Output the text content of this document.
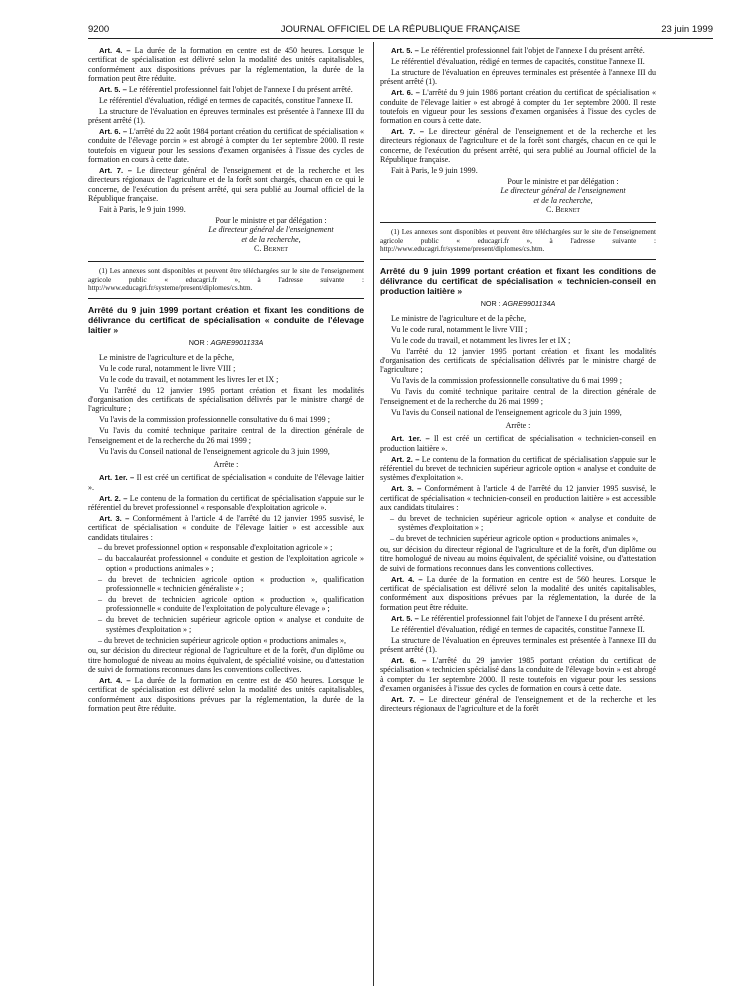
9200	JOURNAL OFFICIEL DE LA RÉPUBLIQUE FRANÇAISE	23 juin 1999

Art. 4. – La durée de la formation en centre est de 450 heures. Lorsque le certificat de spécialisation est délivré selon la modalité des unités capitalisables, conformément aux dispositions prévues par la réglementation, la durée de la formation peut être réduite.

Art. 5. – Le référentiel professionnel fait l'objet de l'annexe I du présent arrêté.

Le référentiel d'évaluation, rédigé en termes de capacités, constitue l'annexe II.

La structure de l'évaluation en épreuves terminales est présentée à l'annexe III du présent arrêté (1).

Art. 6. – L'arrêté du 22 août 1984 portant création du certificat de spécialisation « conduite de l'élevage porcin » est abrogé à compter du 1er septembre 2000. Il reste toutefois en vigueur pour les sessions d'examen organisées à l'issue des cycles de formation en cours à cette date.

Art. 7. – Le directeur général de l'enseignement et de la recherche et les directeurs régionaux de l'agriculture et de la forêt sont chargés, chacun en ce qui le concerne, de l'exécution du présent arrêté, qui sera publié au Journal officiel de la République française.

Fait à Paris, le 9 juin 1999.

Pour le ministre et par délégation :

Le directeur général de l'enseignement

et de la recherche,

C. Bernet

(1) Les annexes sont disponibles et peuvent être téléchargées sur le site de l'enseignement agricole public « educagri.fr », à l'adresse suivante : http://www.educagri.fr/systeme/present/diplomes/cs.htm.

Arrêté du 9 juin 1999 portant création et fixant les conditions de délivrance du certificat de spécialisation « conduite de l'élevage laitier »
NOR : AGRE9901133A

Le ministre de l'agriculture et de la pêche,

Vu le code rural, notamment le livre VIII ;

Vu le code du travail, et notamment les livres Ier et IX ;

Vu l'arrêté du 12 janvier 1995 portant création et fixant les modalités d'organisation des certificats de spécialisation délivrés par le ministre chargé de l'agriculture ;

Vu l'avis de la commission professionnelle consultative du 6 mai 1999 ;

Vu l'avis du comité technique paritaire central de la direction générale de l'enseignement et de la recherche du 26 mai 1999 ;

Vu l'avis du Conseil national de l'enseignement agricole du 3 juin 1999,

Arrête :

Art. 1er. – Il est créé un certificat de spécialisation « conduite de l'élevage laitier ».

Art. 2. – Le contenu de la formation du certificat de spécialisation s'appuie sur le référentiel du brevet professionnel « responsable d'exploitation agricole ».

Art. 3. – Conformément à l'article 4 de l'arrêté du 12 janvier 1995 susvisé, le certificat de spécialisation « conduite de l'élevage laitier » est accessible aux candidats titulaires :

– du brevet professionnel option « responsable d'exploitation agricole » ;

– du baccalauréat professionnel « conduite et gestion de l'exploitation agricole » option « productions animales » ;

– du brevet de technicien agricole option « production », qualification professionnelle « technicien généraliste » ;

– du brevet de technicien agricole option « production », qualification professionnelle « conduite de l'exploitation de polyculture élevage » ;

– du brevet de technicien supérieur agricole option « analyse et conduite de systèmes d'exploitation » ;

– du brevet de technicien supérieur agricole option « productions animales »,

ou, sur décision du directeur régional de l'agriculture et de la forêt, d'un diplôme ou titre homologué de niveau au moins équivalent, de spécialité voisine, ou d'attestation de suivi de formations reconnues dans les conventions collectives.

Art. 4. – La durée de la formation en centre est de 450 heures. Lorsque le certificat de spécialisation est délivré selon la modalité des unités capitalisables, conformément aux dispositions prévues par la réglementation, la durée de la formation peut être réduite.

Art. 5. – Le référentiel professionnel fait l'objet de l'annexe I du présent arrêté.

Le référentiel d'évaluation, rédigé en termes de capacités, constitue l'annexe II.

La structure de l'évaluation en épreuves terminales est présentée à l'annexe III du présent arrêté (1).

Art. 6. – L'arrêté du 9 juin 1986 portant création du certificat de spécialisation « conduite de l'élevage laitier » est abrogé à compter du 1er septembre 2000. Il reste toutefois en vigueur pour les sessions d'examen organisées à l'issue des cycles de formation en cours à cette date.

Art. 7. – Le directeur général de l'enseignement et de la recherche et les directeurs régionaux de l'agriculture et de la forêt sont chargés, chacun en ce qui le concerne, de l'exécution du présent arrêté, qui sera publié au Journal officiel de la République française.

Fait à Paris, le 9 juin 1999.

Pour le ministre et par délégation :

Le directeur général de l'enseignement

et de la recherche,

C. Bernet

(1) Les annexes sont disponibles et peuvent être téléchargées sur le site de l'enseignement agricole public « educagri.fr », à l'adresse suivante : http://www.educagri.fr/systeme/present/diplomes/cs.htm.

Arrêté du 9 juin 1999 portant création et fixant les conditions de délivrance du certificat de spécialisation « technicien-conseil en production laitière »
NOR : AGRE9901134A

Le ministre de l'agriculture et de la pêche,

Vu le code rural, notamment le livre VIII ;

Vu le code du travail, et notamment les livres Ier et IX ;

Vu l'arrêté du 12 janvier 1995 portant création et fixant les modalités d'organisation des certificats de spécialisation délivrés par le ministre chargé de l'agriculture ;

Vu l'avis de la commission professionnelle consultative du 6 mai 1999 ;

Vu l'avis du comité technique paritaire central de la direction générale de l'enseignement et de la recherche du 26 mai 1999 ;

Vu l'avis du Conseil national de l'enseignement agricole du 3 juin 1999,

Arrête :

Art. 1er. – Il est créé un certificat de spécialisation « technicien-conseil en production laitière ».

Art. 2. – Le contenu de la formation du certificat de spécialisation s'appuie sur le référentiel du brevet de technicien supérieur agricole option « analyse et conduite de systèmes d'exploitation ».

Art. 3. – Conformément à l'article 4 de l'arrêté du 12 janvier 1995 susvisé, le certificat de spécialisation « technicien-conseil en production laitière » est accessible aux candidats titulaires :

– du brevet de technicien supérieur agricole option « analyse et conduite de systèmes d'exploitation » ;

– du brevet de technicien supérieur agricole option « productions animales »,

ou, sur décision du directeur régional de l'agriculture et de la forêt, d'un diplôme ou titre homologué de niveau au moins équivalent, de spécialité voisine, ou d'attestation de suivi de formations reconnues dans les conventions collectives.

Art. 4. – La durée de la formation en centre est de 560 heures. Lorsque le certificat de spécialisation est délivré selon la modalité des unités capitalisables, conformément aux dispositions prévues par la réglementation, la durée de la formation peut être réduite.

Art. 5. – Le référentiel professionnel fait l'objet de l'annexe I du présent arrêté.

Le référentiel d'évaluation, rédigé en termes de capacités, constitue l'annexe II.

La structure de l'évaluation en épreuves terminales est présentée à l'annexe III du présent arrêté (1).

Art. 6. – L'arrêté du 29 janvier 1985 portant création du certificat de spécialisation « technicien spécialisé dans la conduite de l'élevage bovin » est abrogé à compter du 1er septembre 2000. Il reste toutefois en vigueur pour les sessions d'examen organisées à l'issue des cycles de formation en cours à cette date.

Art. 7. – Le directeur général de l'enseignement et de la recherche et les directeurs régionaux de l'agriculture et de la forêt
